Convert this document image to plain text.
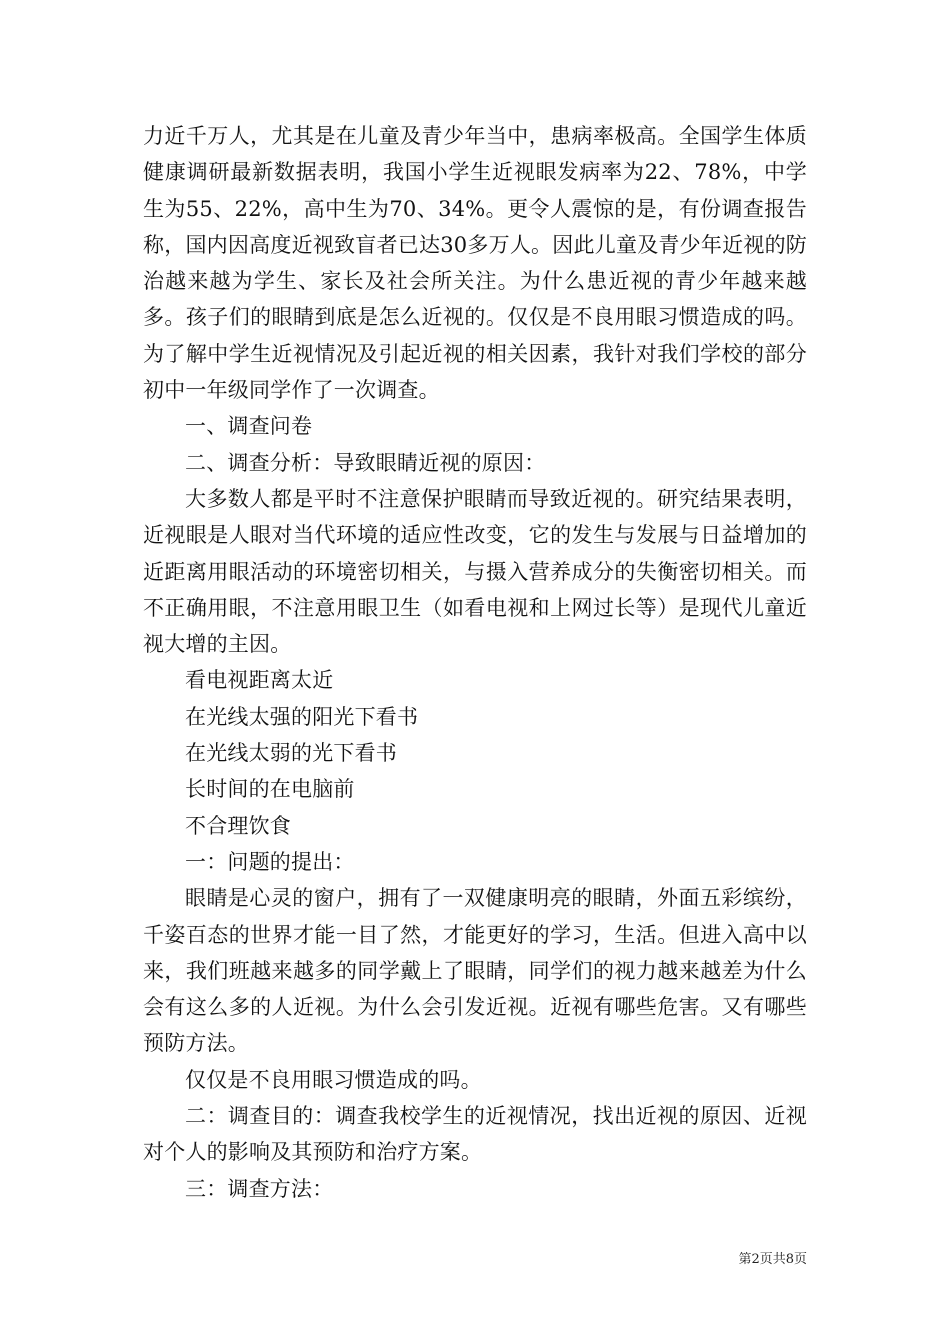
力近千万人，尤其是在儿童及青少年当中，患病率极高。全国学生体质健康调研最新数据表明，我国小学生近视眼发病率为22、78%，中学生为55、22%，高中生为70、34%。更令人震惊的是，有份调查报告称，国内因高度近视致盲者已达30多万人。因此儿童及青少年近视的防治越来越为学生、家长及社会所关注。为什么患近视的青少年越来越多。孩子们的眼睛到底是怎么近视的。仅仅是不良用眼习惯造成的吗。为了解中学生近视情况及引起近视的相关因素，我针对我们学校的部分初中一年级同学作了一次调查。

一、调查问卷

二、调查分析：导致眼睛近视的原因：

大多数人都是平时不注意保护眼睛而导致近视的。研究结果表明，近视眼是人眼对当代环境的适应性改变，它的发生与发展与日益增加的近距离用眼活动的环境密切相关，与摄入营养成分的失衡密切相关。而不正确用眼，不注意用眼卫生（如看电视和上网过长等）是现代儿童近视大增的主因。

看电视距离太近

在光线太强的阳光下看书

在光线太弱的光下看书

长时间的在电脑前

不合理饮食

一：问题的提出：

眼睛是心灵的窗户，拥有了一双健康明亮的眼睛，外面五彩缤纷，千姿百态的世界才能一目了然，才能更好的学习，生活。但进入高中以来，我们班越来越多的同学戴上了眼睛，同学们的视力越来越差为什么会有这么多的人近视。为什么会引发近视。近视有哪些危害。又有哪些预防方法。

仅仅是不良用眼习惯造成的吗。

二：调查目的：调查我校学生的近视情况，找出近视的原因、近视对个人的影响及其预防和治疗方案。

三：调查方法：

第2页共8页
